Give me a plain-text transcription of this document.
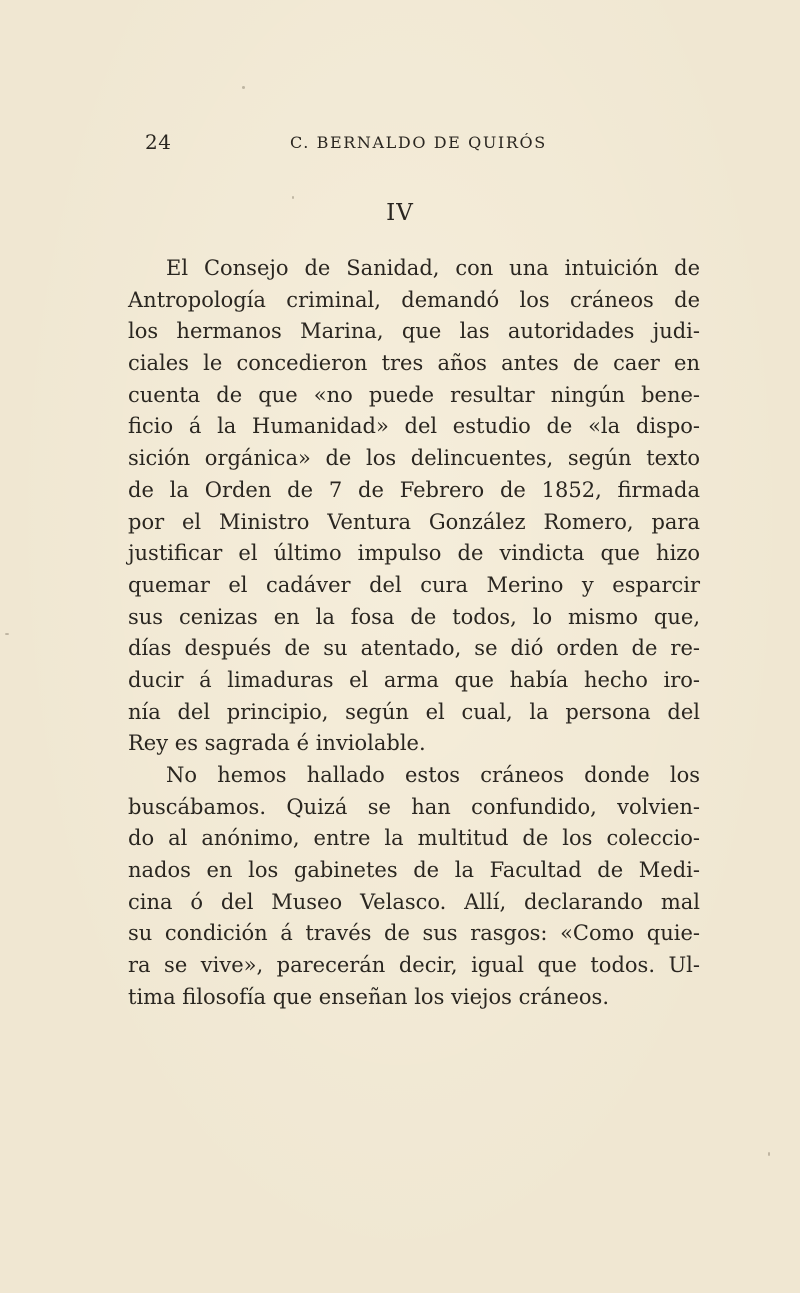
24	C. BERNALDO DE QUIRÓS
IV
El Consejo de Sanidad, con una intuición de
Antropología criminal, demandó los cráneos de
los hermanos Marina, que las autoridades judi-
ciales le concedieron tres años antes de caer en
cuenta de que «no puede resultar ningún bene-
ficio á la Humanidad» del estudio de «la dispo-
sición orgánica» de los delincuentes, según texto
de la Orden de 7 de Febrero de 1852, firmada
por el Ministro Ventura González Romero, para
justificar el último impulso de vindicta que hizo
quemar el cadáver del cura Merino y esparcir
sus cenizas en la fosa de todos, lo mismo que,
días después de su atentado, se dió orden de re-
ducir á limaduras el arma que había hecho iro-
nía del principio, según el cual, la persona del
Rey es sagrada é inviolable.
No hemos hallado estos cráneos donde los
buscábamos. Quizá se han confundido, volvien-
do al anónimo, entre la multitud de los coleccio-
nados en los gabinetes de la Facultad de Medi-
cina ó del Museo Velasco. Allí, declarando mal
su condición á través de sus rasgos: «Como quie-
ra se vive», parecerán decir, igual que todos. Ul-
tima filosofía que enseñan los viejos cráneos.
